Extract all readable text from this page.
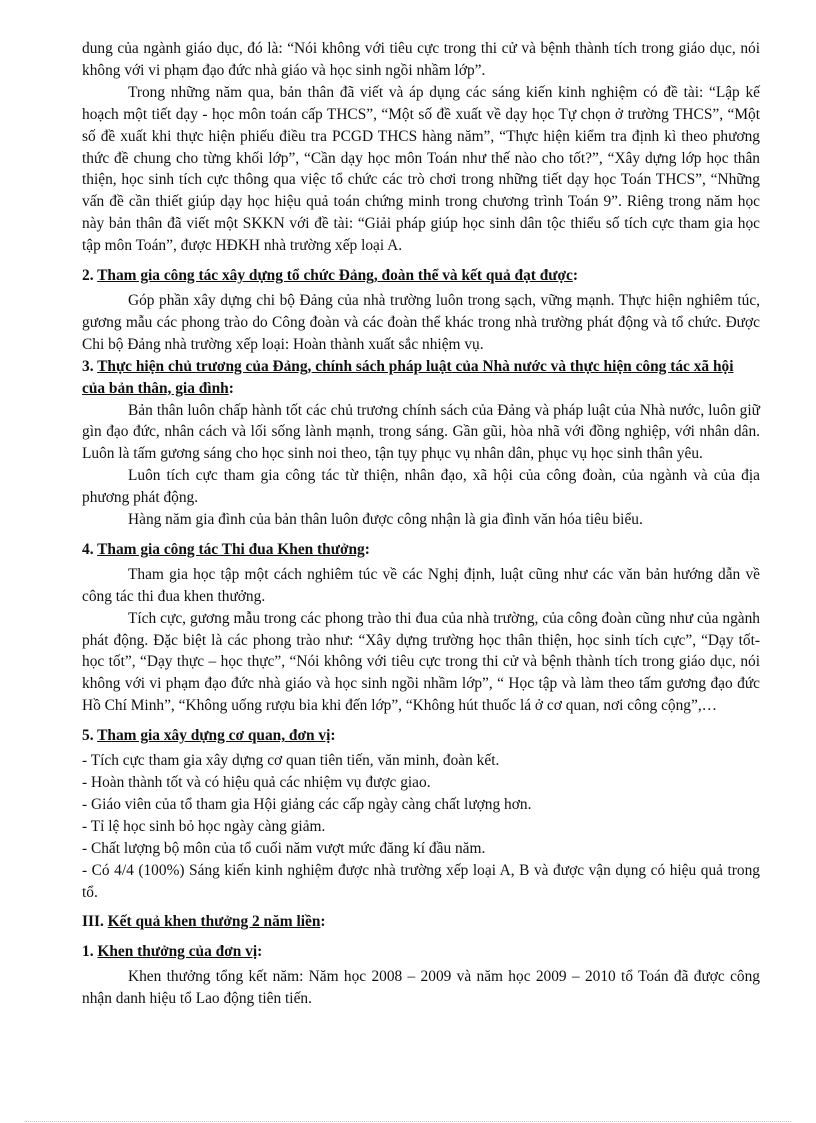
dung của ngành giáo dục, đó là: “Nói không với tiêu cực trong thi cử và bệnh thành tích trong giáo dục, nói không với vi phạm đạo đức nhà giáo và học sinh ngồi nhầm lớp”.

Trong những năm qua, bản thân đã viết và áp dụng các sáng kiến kinh nghiệm có đề tài: “Lập kế hoạch một tiết dạy - học môn toán cấp THCS”, “Một số đề xuất về dạy học Tự chọn ở trường THCS”, “Một số đề xuất khi thực hiện phiếu điều tra PCGD THCS hàng năm”, “Thực hiện kiểm tra định kì theo phương thức đề chung cho từng khối lớp”, “Cần dạy học môn Toán như thế nào cho tốt?”, “Xây dựng lớp học thân thiện, học sinh tích cực thông qua việc tổ chức các trò chơi trong những tiết dạy học Toán THCS”, “Những vấn đề cần thiết giúp dạy học hiệu quả toán chứng minh trong chương trình Toán 9”. Riêng trong năm học này bản thân đã viết một SKKN với đề tài: “Giải pháp giúp học sinh dân tộc thiểu số tích cực tham gia học tập môn Toán”, được HĐKH nhà trường xếp loại A.

2. Tham gia công tác xây dựng tổ chức Đảng, đoàn thể và kết quả đạt được:

Góp phần xây dựng chi bộ Đảng của nhà trường luôn trong sạch, vững mạnh. Thực hiện nghiêm túc, gương mẫu các phong trào do Công đoàn và các đoàn thể khác trong nhà trường phát động và tổ chức. Được Chi bộ Đảng nhà trường xếp loại: Hoàn thành xuất sắc nhiệm vụ.

3. Thực hiện chủ trương của Đảng, chính sách pháp luật của Nhà nước và thực hiện công tác xã hội của bản thân, gia đình:

Bản thân luôn chấp hành tốt các chủ trương chính sách của Đảng và pháp luật của Nhà nước, luôn giữ gìn đạo đức, nhân cách và lối sống lành mạnh, trong sáng. Gần gũi, hòa nhã với đồng nghiệp, với nhân dân. Luôn là tấm gương sáng cho học sinh noi theo, tận tụy phục vụ nhân dân, phục vụ học sinh thân yêu.

Luôn tích cực tham gia công tác từ thiện, nhân đạo, xã hội của công đoàn, của ngành và của địa phương phát động.

Hàng năm gia đình của bản thân luôn được công nhận là gia đình văn hóa tiêu biểu.

4. Tham gia công tác Thi đua Khen thưởng:

Tham gia học tập một cách nghiêm túc về các Nghị định, luật cũng như các văn bản hướng dẫn về công tác thi đua khen thưởng.

Tích cực, gương mẫu trong các phong trào thi đua của nhà trường, của công đoàn cũng như của ngành phát động. Đặc biệt là các phong trào như: “Xây dựng trường học thân thiện, học sinh tích cực”, “Dạy tốt- học tốt”, “Dạy thực – học thực”, “Nói không với tiêu cực trong thi cử và bệnh thành tích trong giáo dục, nói không với vi phạm đạo đức nhà giáo và học sinh ngồi nhầm lớp”, “ Học tập và làm theo tấm gương đạo đức Hồ Chí Minh”, “Không uống rượu bia khi đến lớp”, “Không hút thuốc lá ở cơ quan, nơi công cộng”,…

5. Tham gia xây dựng cơ quan, đơn vị:

- Tích cực tham gia xây dựng cơ quan tiên tiến, văn minh, đoàn kết.

- Hoàn thành tốt và có hiệu quả các nhiệm vụ được giao.

- Giáo viên của tổ tham gia Hội giảng các cấp ngày càng chất lượng hơn.

- Tỉ lệ học sinh bỏ học ngày càng giảm.

- Chất lượng bộ môn của tổ cuối năm vượt mức đăng kí đầu năm.

- Có 4/4 (100%) Sáng kiến kinh nghiệm được nhà trường xếp loại A, B và được vận dụng có hiệu quả trong tổ.

III. Kết quả khen thưởng 2 năm liền:
1. Khen thưởng của đơn vị:

Khen thưởng tổng kết năm: Năm học 2008 – 2009 và năm học 2009 – 2010 tổ Toán đã được công nhận danh hiệu tổ Lao động tiên tiến.
